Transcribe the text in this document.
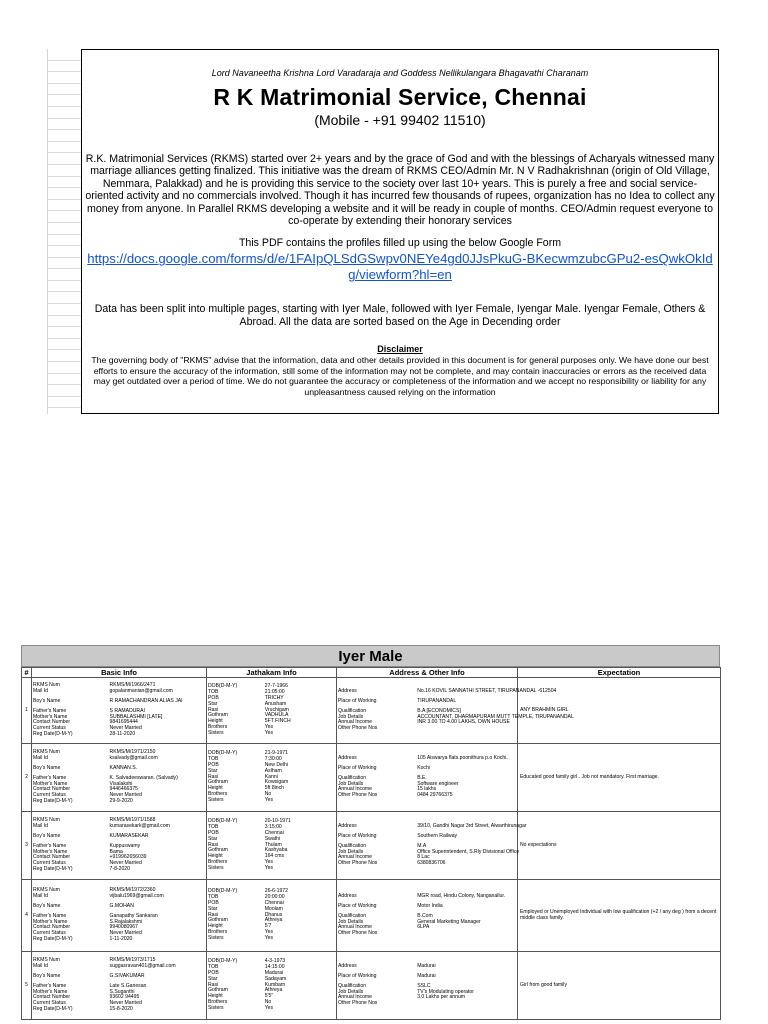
Lord Navaneetha Krishna Lord Varadaraja and Goddess Nellikulangara Bhagavathi Charanam
R K Matrimonial Service, Chennai
(Mobile - +91 99402 11510)
R.K. Matrimonial Services (RKMS) started over 2+ years and by the grace of God and with the blessings of Acharyals witnessed many marriage alliances getting finalized. This initiative was the dream of RKMS CEO/Admin Mr. N V Radhakrishnan (origin of Old Village, Nemmara, Palakkad) and he is providing this service to the society over last 10+ years. This is purely a free and social service-oriented activity and no commercials involved. Though it has incurred few thousands of rupees, organization has no Idea to collect any money from anyone. In Parallel RKMS developing a website and it will be ready in couple of months. CEO/Admin request everyone to co-operate by extending their honorary services
This PDF contains the profiles filled up using the below Google Form
https://docs.google.com/forms/d/e/1FAIpQLSdGSwpv0NEYe4gd0JJsPkuG-BKecwmzubcGPu2-esQwkOkIdg/viewform?hl=en
Data has been split into multiple pages, starting with Iyer Male, followed with Iyer Female, Iyengar Male. Iyengar Female, Others & Abroad. All the data are sorted based on the Age in Decending order
Disclaimer
The governing body of "RKMS" advise that the information, data and other details provided in this document is for general purposes only. We have done our best efforts to ensure the accuracy of the information, still some of the information may not be complete, and may contain inaccuracies or errors as the received data may get outdated over a period of time. We do not guarantee the accuracy or completeness of the information and we accept no responsibility or liability for any unpleasantness caused relying on the information
Iyer Male
#	Basic Info	Jathakam Info	Address & Other Info	Expectation
1	
RKMS Num	RKMS/M/1966/2471
Mail Id	gopalanmanian@gmail.com

Boy's Name	R RAMACHANDRAN ALIAS JAI

Father's Name	S RAMADURAI
Mother's Name	SUBBALASHMI [LATE]
Contact Number	9841695444
Current Status	Never Married
Reg Date(D-M-Y)	28-11-2020

DOB(D-M-Y)	27-7-1966
TOB	21:05:00
POB	TRICHY
Star	Anusham
Rasi	Vruchigam
Gothram	VADHULA
Height	5FT FINCH
Brothers	Yes
Sisters	Yes

Address	No.16 KOVIL SANNATHI STREET, TIRUPANANDAL -612504

Place of Working	TIRUPANANDAL

Qualification	B.A [ECONOMICS]
Job Details	ACCOUNTANT, DHARMAPURAM MUTT TEMPLE, TIRUPANANDAL
Annual Income	INR 3.00 TO 4.00 LAKHS, OWN HOUSE
Other Phone Nos	
	ANY BRAHMIN GIRL
2	
RKMS Num	RKMS/M/1971/2150
Mail Id	ksalvady@gmail.com

Boy's Name	KANNAN.S.

Father's Name	K. Salvadeeswaran. (Salvady)
Mother's Name	Visalakshi
Contact Number	9446466375
Current Status	Never Married
Reg Date(D-M-Y)	29-9-2020

DOB(D-M-Y)	21-9-1971
TOB	7:30:00
POB	New Delhi
Star	Aslham
Rasi	Kanni
Gothram	Kowsigam
Height	5ft 8inch
Brothers	No
Sisters	Yes

Address	105 Aiswarya flats.poonithura p.o Kochi.

Place of Working	Kochi

Qualification	B.E.
Job Details	Software engineer
Annual Income	15 lakhs
Other Phone Nos	0484 29766375
	Educated good family girl . Job not mandatory. First marriage.
3	
RKMS Num	RKMS/M/1971/1588
Mail Id	kumarasekark@gmail.com

Boy's Name	KUMARASEKAR

Father's Name	Kuppuswamy
Mother's Name	Bama
Contact Number	+919962656039
Current Status	Never Married
Reg Date(D-M-Y)	7-8-2020

DOB(D-M-Y)	20-10-1971
TOB	3:15:00
POB	Chennai
Star	Swathi
Rasi	Thulam
Gothram	Kashyaba
Height	164 cms
Brothers	Yes
Sisters	Yes

Address	39/10, Gandhi Nagar 3rd Street, Alwarthirunagar

Place of Working	Southern Railway

Qualification	M.A
Job Details	Office Superintendent, S.Rly Divisional Office
Annual Income	8 Lac
Other Phone Nos	6380836706
	No expectations
4	
RKMS Num	RKMS/M/1972/2360
Mail Id	vijbalu1969@gmail.com

Boy's Name	G.MOHAN

Father's Name	Ganapathy Sankaran
Mother's Name	S.Rajalakshmi
Contact Number	9940080967
Current Status	Never Married
Reg Date(D-M-Y)	1-11-2020

DOB(D-M-Y)	26-6-1972
TOB	20:00:00
POB	Chennai
Star	Moolam
Rasi	Dhanus
Gothram	Athreya
Height	5'7
Brothers	Yes
Sisters	Yes

Address	MGR road, Hindu Colony, Nanganallur.

Place of Working	Motor India

Qualification	B.Com
Job Details	General Marketing Manager
Annual Income	6LPA
Other Phone Nos	
	Employed or Unemployed Individual with low qualification (+2 / any deg ) from a decent middle class family.
5	
RKMS Num	RKMS/M/1973/1715
Mail Id	suggasravan401@gmail.com

Boy's Name	G.SIVAKUMAR

Father's Name	Late S.Ganesan
Mother's Name	S.Suganthi
Contact Number	93602 94495
Current Status	Never Married
Reg Date(D-M-Y)	15-8-2020

DOB(D-M-Y)	4-3-1973
TOB	14:15:00
POB	Madurai
Star	Sadayam
Rasi	Kumbam
Gothram	Athreya
Height	5'5"
Brothers	No
Sisters	Yes

Address	Madurai

Place of Working	Madurai

Qualification	SSLC
Job Details	TV's Modulating operator
Annual Income	3.0 Lakhs per annum
Other Phone Nos	
	Girl from good family
